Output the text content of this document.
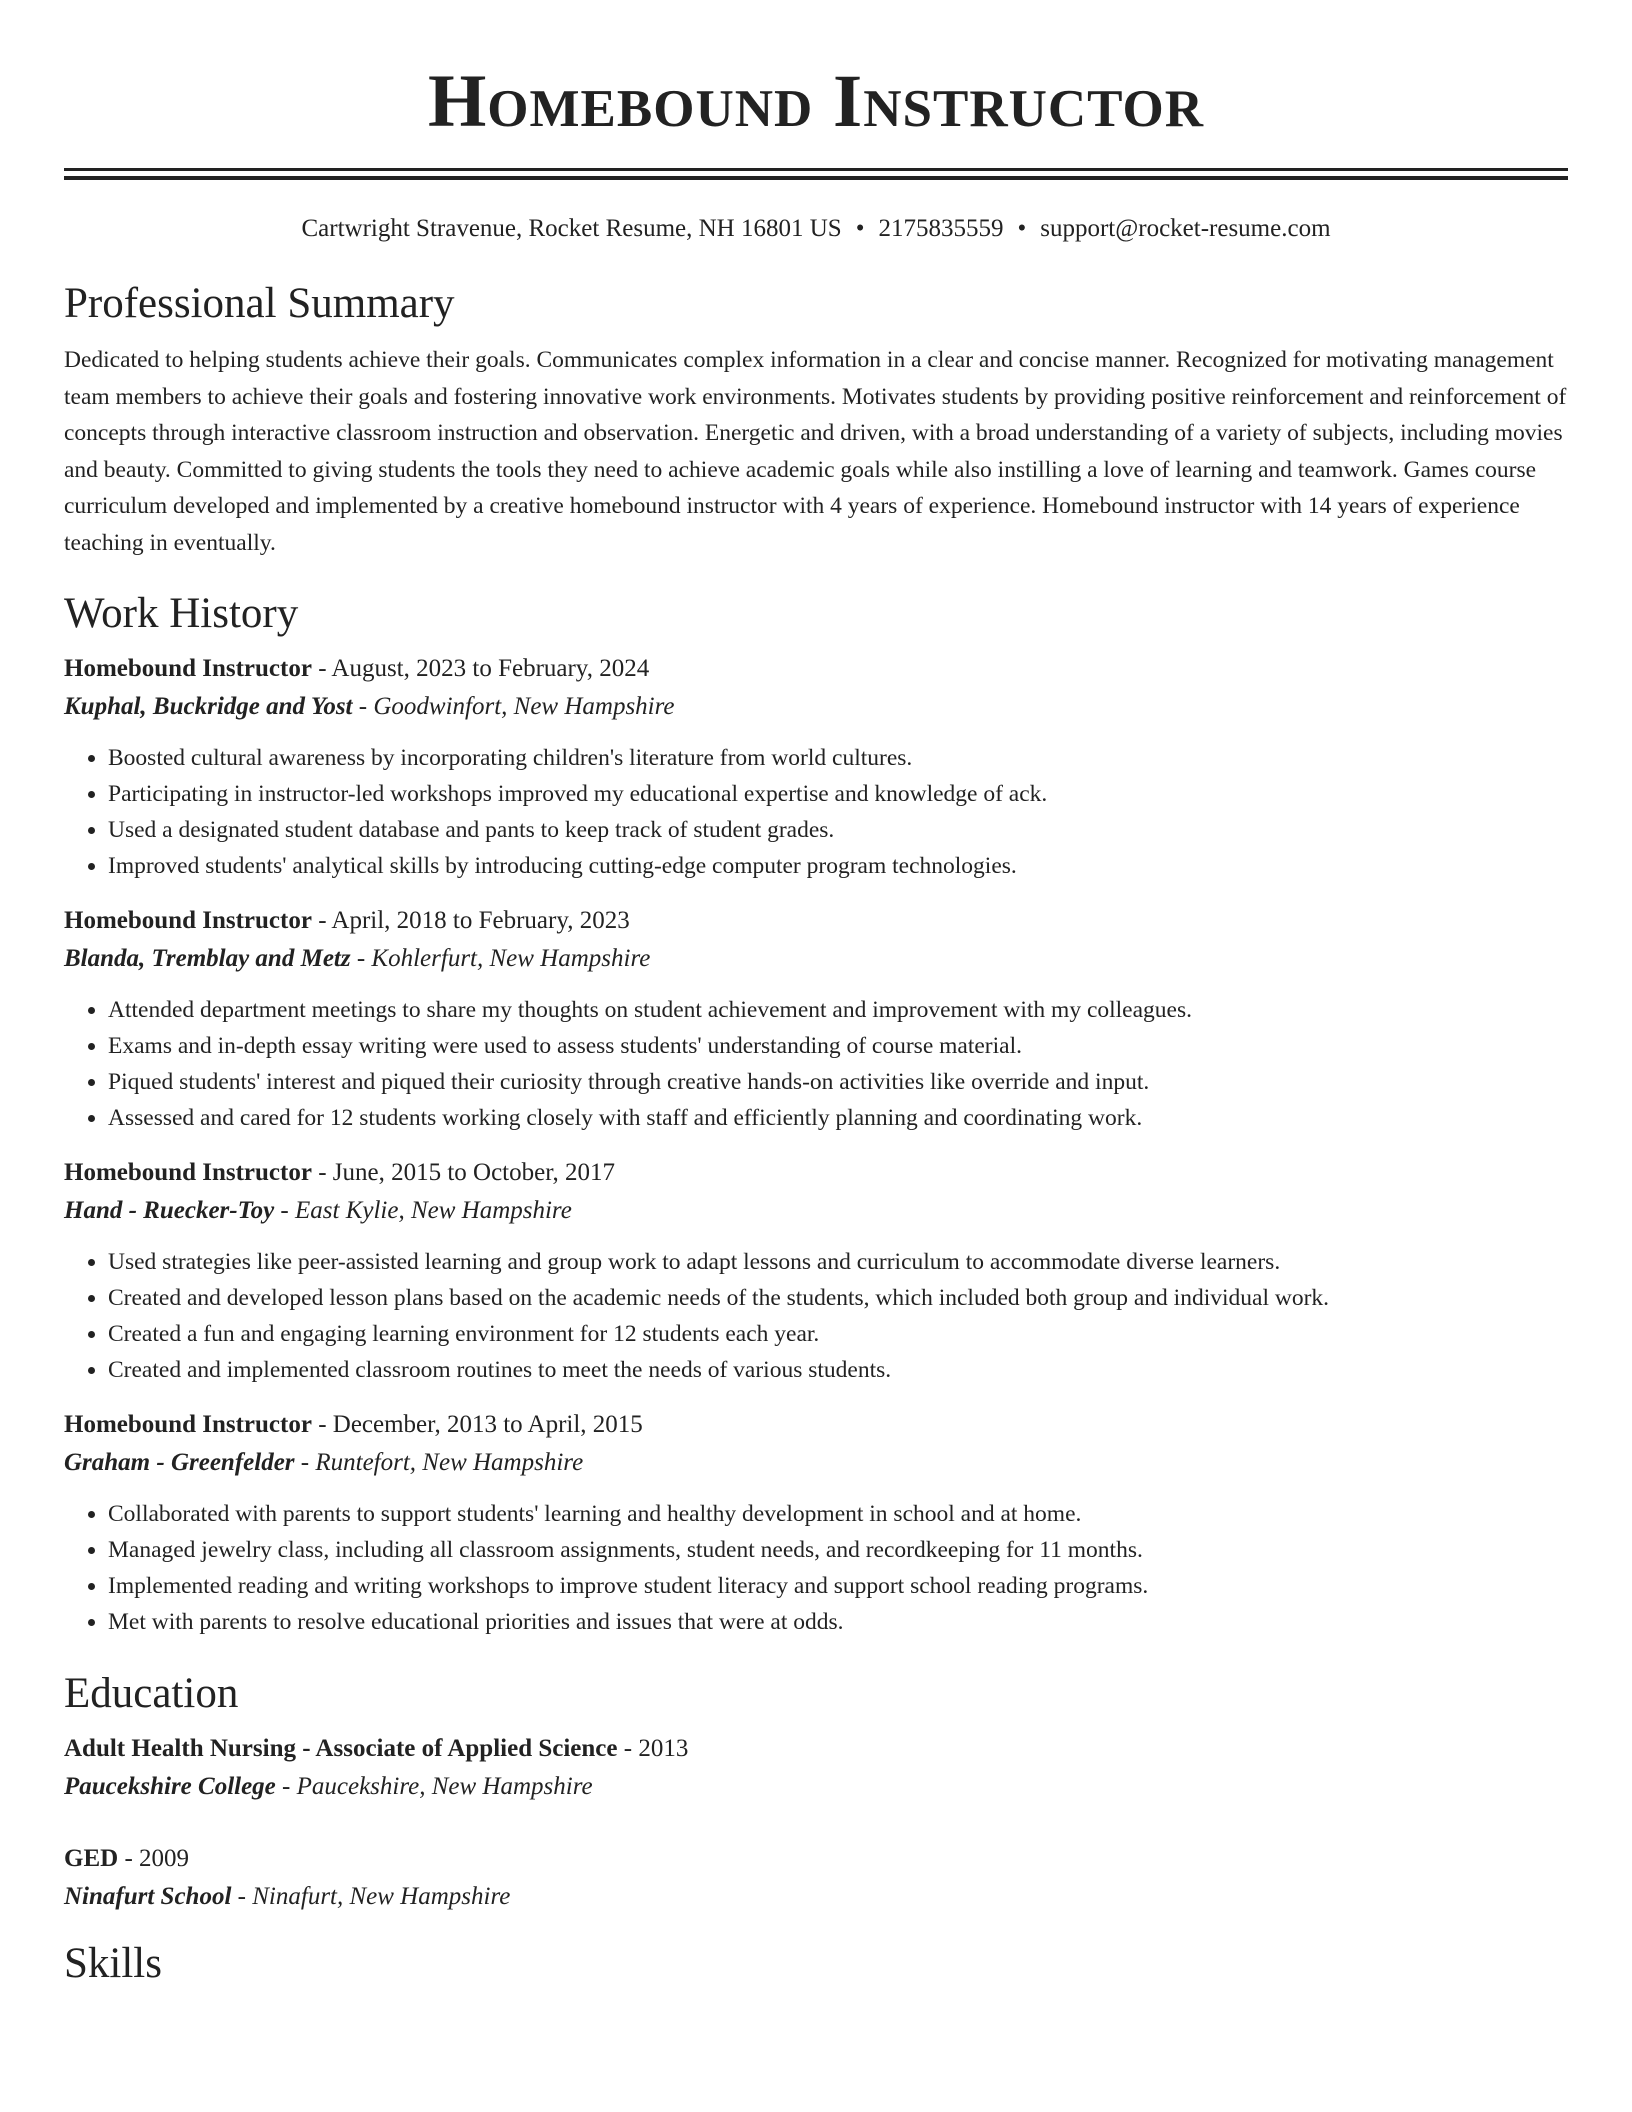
Homebound Instructor
Cartwright Stravenue, Rocket Resume, NH 16801 US • 2175835559 • support@rocket-resume.com
Professional Summary
Dedicated to helping students achieve their goals. Communicates complex information in a clear and concise manner. Recognized for motivating management team members to achieve their goals and fostering innovative work environments. Motivates students by providing positive reinforcement and reinforcement of concepts through interactive classroom instruction and observation. Energetic and driven, with a broad understanding of a variety of subjects, including movies and beauty. Committed to giving students the tools they need to achieve academic goals while also instilling a love of learning and teamwork. Games course curriculum developed and implemented by a creative homebound instructor with 4 years of experience. Homebound instructor with 14 years of experience teaching in eventually.
Work History
Homebound Instructor - August, 2023 to February, 2024
Kuphal, Buckridge and Yost - Goodwinfort, New Hampshire
• Boosted cultural awareness by incorporating children's literature from world cultures.
• Participating in instructor-led workshops improved my educational expertise and knowledge of ack.
• Used a designated student database and pants to keep track of student grades.
• Improved students' analytical skills by introducing cutting-edge computer program technologies.
Homebound Instructor - April, 2018 to February, 2023
Blanda, Tremblay and Metz - Kohlerfurt, New Hampshire
• Attended department meetings to share my thoughts on student achievement and improvement with my colleagues.
• Exams and in-depth essay writing were used to assess students' understanding of course material.
• Piqued students' interest and piqued their curiosity through creative hands-on activities like override and input.
• Assessed and cared for 12 students working closely with staff and efficiently planning and coordinating work.
Homebound Instructor - June, 2015 to October, 2017
Hand - Ruecker-Toy - East Kylie, New Hampshire
• Used strategies like peer-assisted learning and group work to adapt lessons and curriculum to accommodate diverse learners.
• Created and developed lesson plans based on the academic needs of the students, which included both group and individual work.
• Created a fun and engaging learning environment for 12 students each year.
• Created and implemented classroom routines to meet the needs of various students.
Homebound Instructor - December, 2013 to April, 2015
Graham - Greenfelder - Runtefort, New Hampshire
• Collaborated with parents to support students' learning and healthy development in school and at home.
• Managed jewelry class, including all classroom assignments, student needs, and recordkeeping for 11 months.
• Implemented reading and writing workshops to improve student literacy and support school reading programs.
• Met with parents to resolve educational priorities and issues that were at odds.
Education
Adult Health Nursing - Associate of Applied Science - 2013
Paucekshire College - Paucekshire, New Hampshire
GED - 2009
Ninafurt School - Ninafurt, New Hampshire
Skills
